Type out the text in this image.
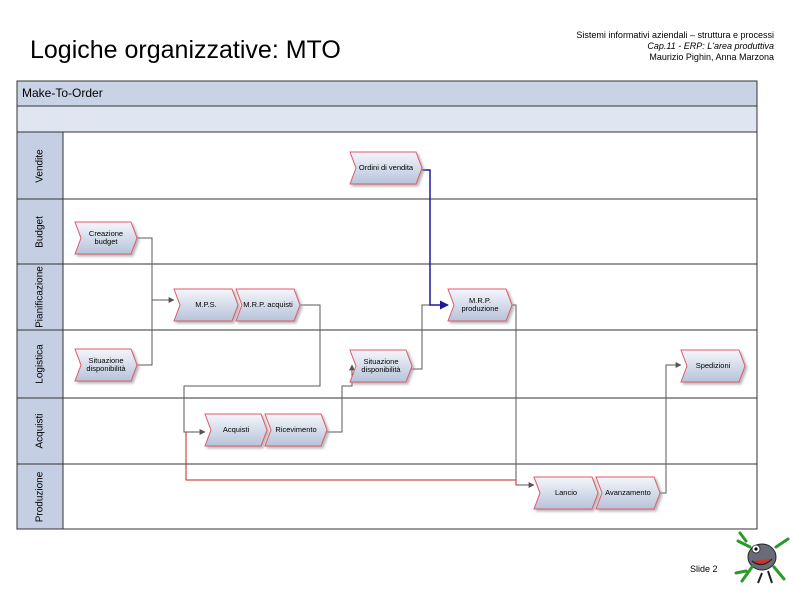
Logiche organizzative: MTO
Sistemi informativi aziendali – struttura e processi
Cap.11 - ERP: L'area produttiva
Maurizio Pighin, Anna Marzona
Make-To-Order
Vendite
Budget
Pianificazione
Logistica
Acquisti
Produzione
Ordini di vendita
Creazione budget
M.P.S.	M.R.P. acquisti	M.R.P. produzione
Situazione disponibilità
Situazione disponibilità	Spedizioni
Acquisti	Ricevimento
Lancio	Avanzamento
Slide 2
